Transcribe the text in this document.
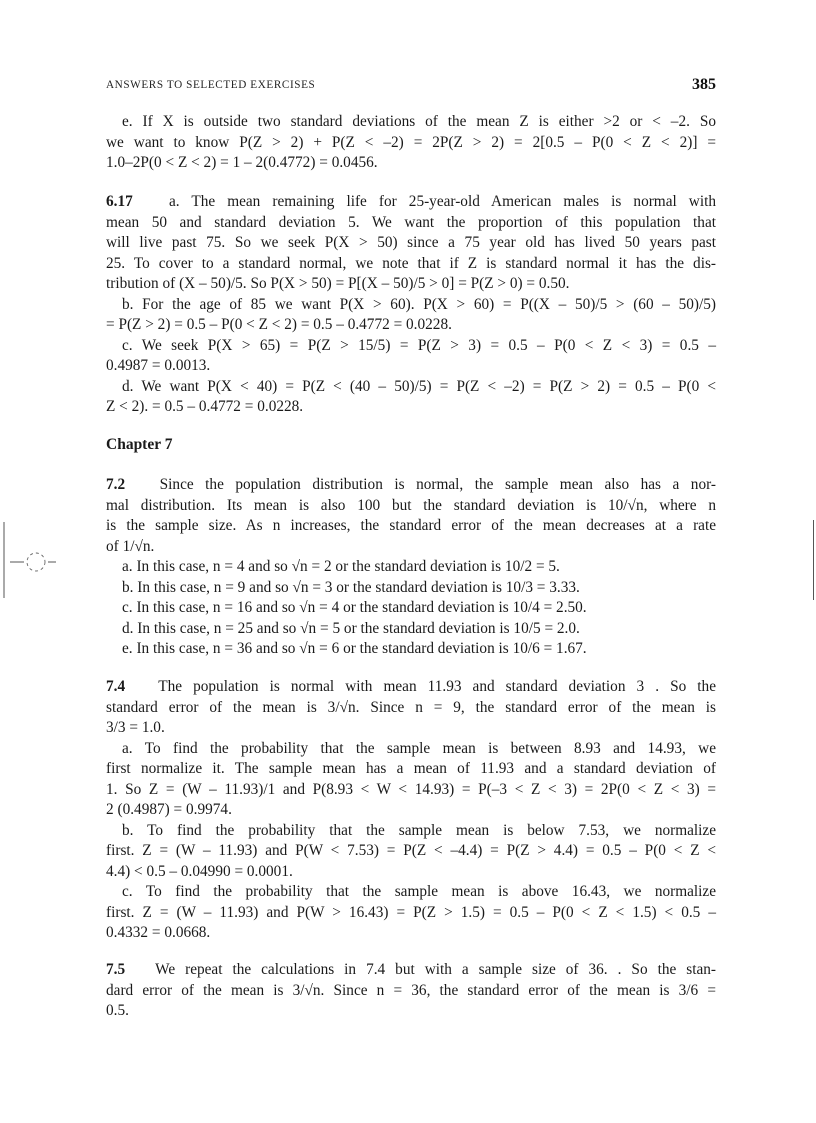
ANSWERS TO SELECTED EXERCISES	385
e. If X is outside two standard deviations of the mean Z is either >2 or < –2. So
we want to know P(Z > 2) + P(Z < –2) = 2P(Z > 2) = 2[0.5 – P(0 < Z < 2)] =
1.0–2P(0 < Z < 2) = 1 – 2(0.4772) = 0.0456.
6.17 a. The mean remaining life for 25-year-old American males is normal with
mean 50 and standard deviation 5. We want the proportion of this population that
will live past 75. So we seek P(X > 50) since a 75 year old has lived 50 years past
25. To cover to a standard normal, we note that if Z is standard normal it has the dis-
tribution of (X – 50)/5. So P(X > 50) = P[(X – 50)/5 > 0] = P(Z > 0) = 0.50.
b. For the age of 85 we want P(X > 60). P(X > 60) = P((X – 50)/5 > (60 – 50)/5)
= P(Z > 2) = 0.5 – P(0 < Z < 2) = 0.5 – 0.4772 = 0.0228.
c. We seek P(X > 65) = P(Z > 15/5) = P(Z > 3) = 0.5 – P(0 < Z < 3) = 0.5 –
0.4987 = 0.0013.
d. We want P(X < 40) = P(Z < (40 – 50)/5) = P(Z < –2) = P(Z > 2) = 0.5 – P(0 <
Z < 2). = 0.5 – 0.4772 = 0.0228.
Chapter 7
7.2 Since the population distribution is normal, the sample mean also has a nor-
mal distribution. Its mean is also 100 but the standard deviation is 10/√n, where n
is the sample size. As n increases, the standard error of the mean decreases at a rate
of 1/√n.
a. In this case, n = 4 and so √n = 2 or the standard deviation is 10/2 = 5.
b. In this case, n = 9 and so √n = 3 or the standard deviation is 10/3 = 3.33.
c. In this case, n = 16 and so √n = 4 or the standard deviation is 10/4 = 2.50.
d. In this case, n = 25 and so √n = 5 or the standard deviation is 10/5 = 2.0.
e. In this case, n = 36 and so √n = 6 or the standard deviation is 10/6 = 1.67.
7.4 The population is normal with mean 11.93 and standard deviation 3 . So the
standard error of the mean is 3/√n. Since n = 9, the standard error of the mean is
3/3 = 1.0.
a. To find the probability that the sample mean is between 8.93 and 14.93, we
first normalize it. The sample mean has a mean of 11.93 and a standard deviation of
1. So Z = (W – 11.93)/1 and P(8.93 < W < 14.93) = P(–3 < Z < 3) = 2P(0 < Z < 3) =
2 (0.4987) = 0.9974.
b. To find the probability that the sample mean is below 7.53, we normalize
first. Z = (W – 11.93) and P(W < 7.53) = P(Z < –4.4) = P(Z > 4.4) = 0.5 – P(0 < Z <
4.4) < 0.5 – 0.04990 = 0.0001.
c. To find the probability that the sample mean is above 16.43, we normalize
first. Z = (W – 11.93) and P(W > 16.43) = P(Z > 1.5) = 0.5 – P(0 < Z < 1.5) < 0.5 –
0.4332 = 0.0668.
7.5 We repeat the calculations in 7.4 but with a sample size of 36. . So the stan-
dard error of the mean is 3/√n. Since n = 36, the standard error of the mean is 3/6 =
0.5.
